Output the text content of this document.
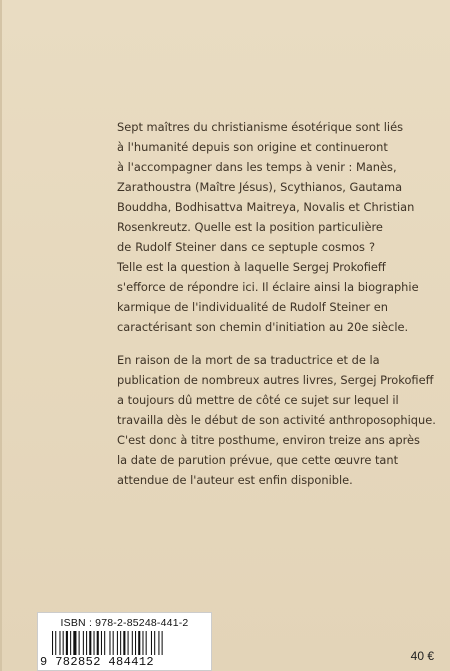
Sept maîtres du christianisme ésotérique sont liés
à l'humanité depuis son origine et continueront
à l'accompagner dans les temps à venir : Manès,
Zarathoustra (Maître Jésus), Scythianos, Gautama
Bouddha, Bodhisattva Maitreya, Novalis et Christian
Rosenkreutz. Quelle est la position particulière
de Rudolf Steiner dans ce septuple cosmos ?
Telle est la question à laquelle Sergej Prokofieff
s'efforce de répondre ici. Il éclaire ainsi la biographie
karmique de l'individualité de Rudolf Steiner en
caractérisant son chemin d'initiation au 20e siècle.

En raison de la mort de sa traductrice et de la
publication de nombreux autres livres, Sergej Prokofieff
a toujours dû mettre de côté ce sujet sur lequel il
travailla dès le début de son activité anthroposophique.
C'est donc à titre posthume, environ treize ans après
la date de parution prévue, que cette œuvre tant
attendue de l'auteur est enfin disponible.

ISBN : 978-2-85248-441-2
9 782852 484412	40 €
